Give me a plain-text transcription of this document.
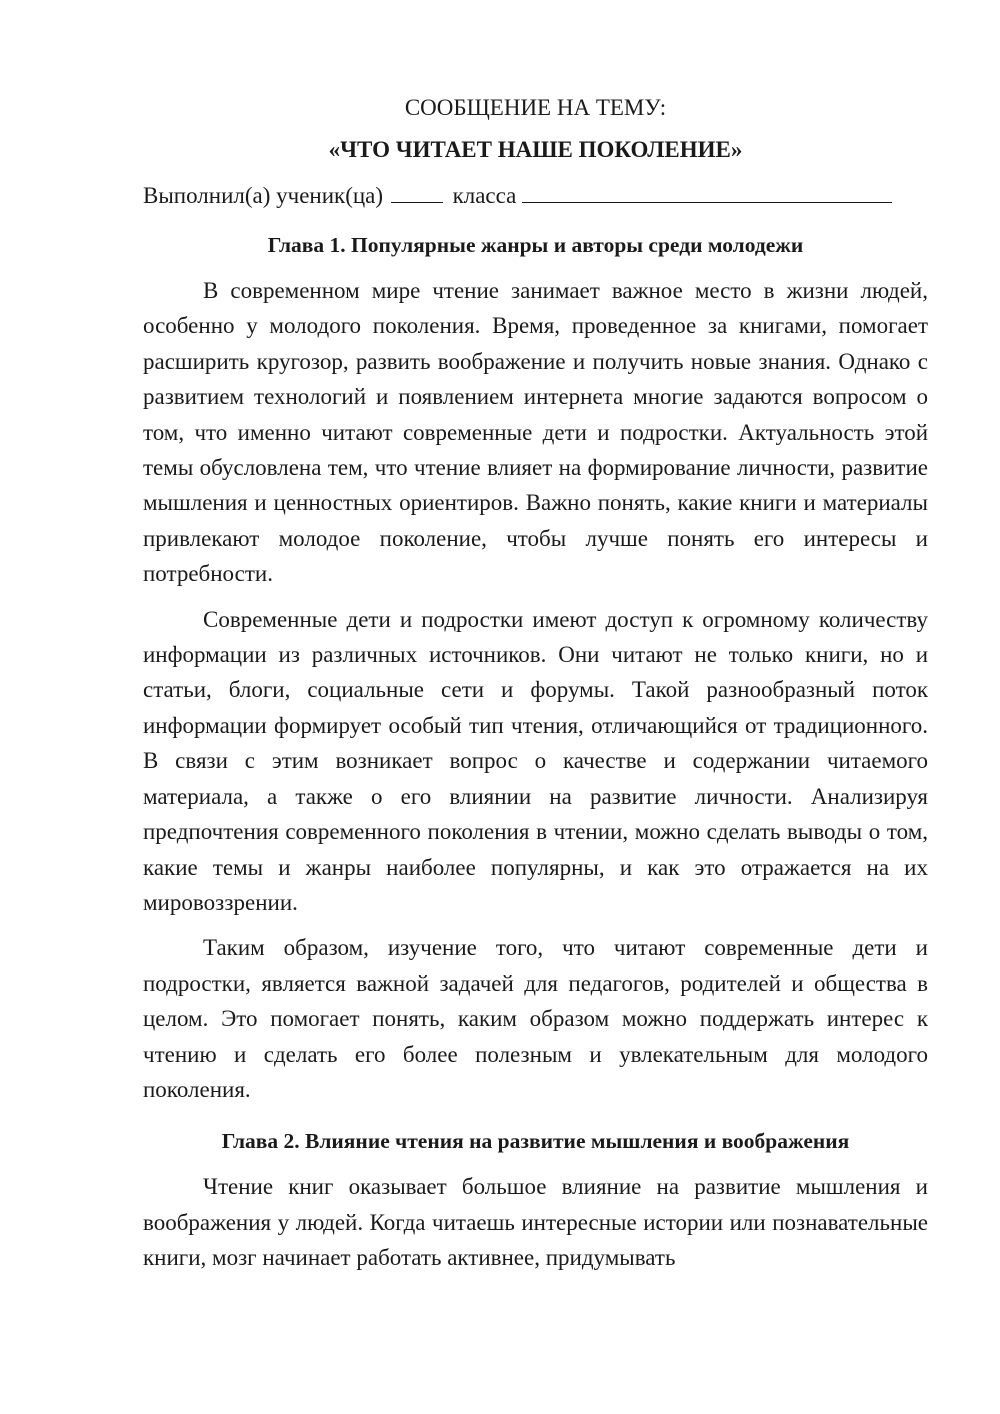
СООБЩЕНИЕ НА ТЕМУ:
«ЧТО ЧИТАЕТ НАШЕ ПОКОЛЕНИЕ»

Выполнил(а) ученик(ца)	класса

Глава 1. Популярные жанры и авторы среди молодежи

В современном мире чтение занимает важное место в жизни людей, особенно у молодого поколения. Время, проведенное за книгами, помогает расширить кругозор, развить воображение и получить новые знания. Однако с развитием технологий и появлением интернета многие задаются вопросом о том, что именно читают современные дети и подростки. Актуальность этой темы обусловлена тем, что чтение влияет на формирование личности, развитие мышления и ценностных ориентиров. Важно понять, какие книги и материалы привлекают молодое поколение, чтобы лучше понять его интересы и потребности.

Современные дети и подростки имеют доступ к огромному количеству информации из различных источников. Они читают не только книги, но и статьи, блоги, социальные сети и форумы. Такой разнообразный поток информации формирует особый тип чтения, отличающийся от традиционного. В связи с этим возникает вопрос о качестве и содержании читаемого материала, а также о его влиянии на развитие личности. Анализируя предпочтения современного поколения в чтении, можно сделать выводы о том, какие темы и жанры наиболее популярны, и как это отражается на их мировоззрении.

Таким образом, изучение того, что читают современные дети и подростки, является важной задачей для педагогов, родителей и общества в целом. Это помогает понять, каким образом можно поддержать интерес к чтению и сделать его более полезным и увлекательным для молодого поколения.

Глава 2. Влияние чтения на развитие мышления и воображения

Чтение книг оказывает большое влияние на развитие мышления и воображения у людей. Когда читаешь интересные истории или познавательные книги, мозг начинает работать активнее, придумывать
